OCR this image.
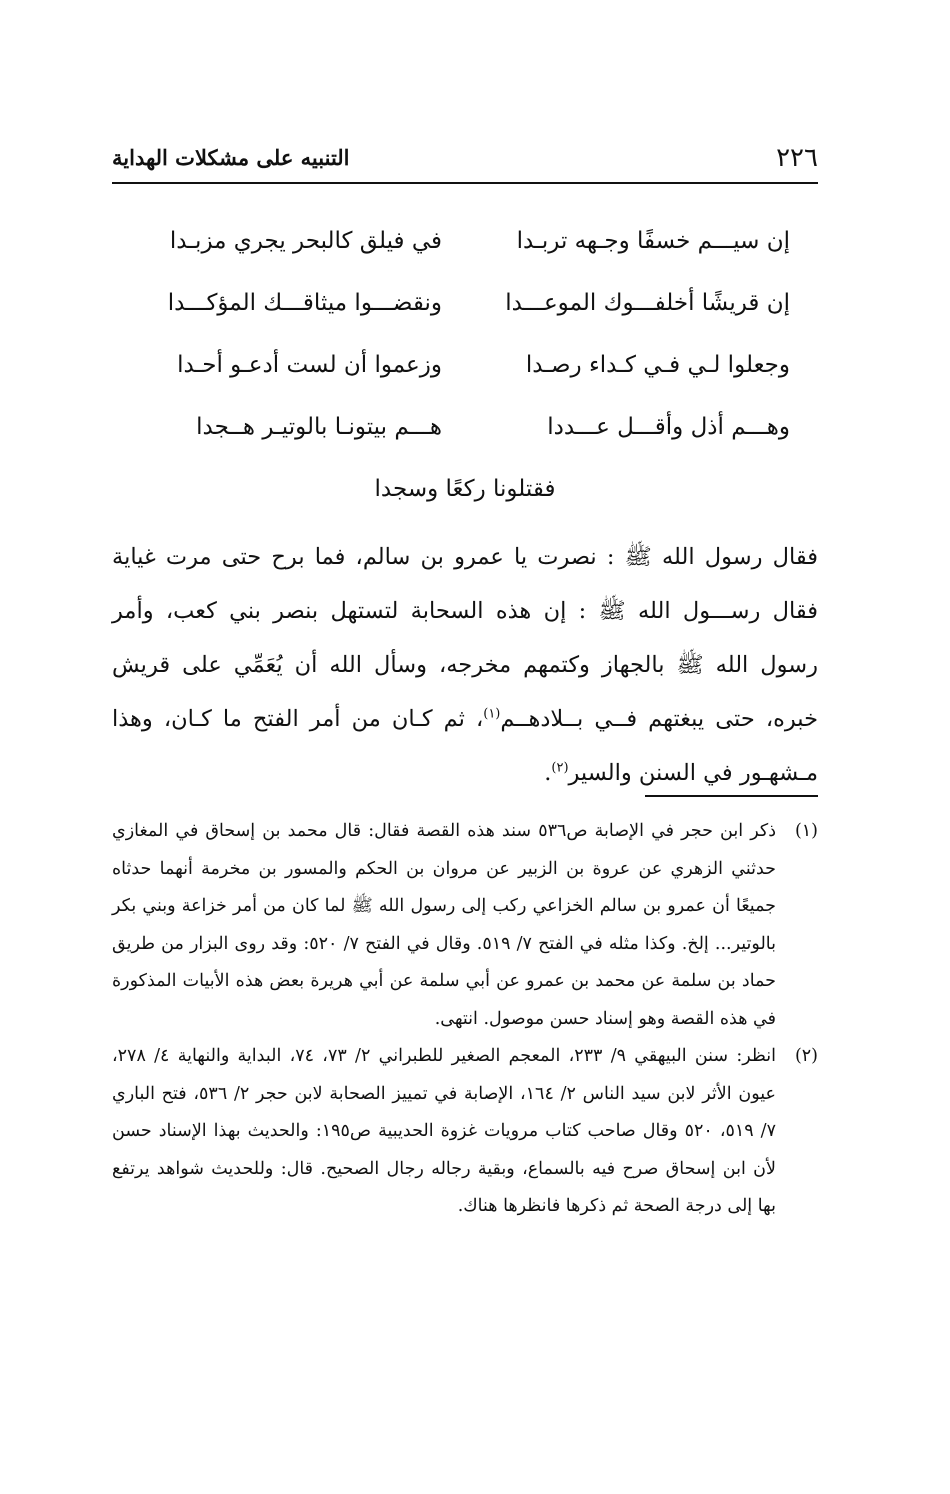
٢٢٦
التنبيه على مشكلات الهداية
إن سيـــم خسفًا وجـهه تربـدا
في فيلق كالبحر يجري مزبـدا
إن قريشًا أخلفـــوك الموعـــدا
ونقضـــوا ميثاقـــك المؤكـــدا
وجعلوا لـي فـي كـداء رصـدا
وزعموا أن لست أدعـو أحـدا
وهـــم أذل وأقـــل عـــددا
هـــم بيتونـا بالوتيـر هــجدا
فقتلونا ركعًا وسجدا

فقال رسول الله ﷺ : نصرت يا عمرو بن سالم، فما برح حتى مرت غياية فقال رســـول الله ﷺ : إن هذه السحابة لتستهل بنصر بني كعب، وأمر رسول الله ﷺ بالجهاز وكتمهم مخرجه، وسأل الله أن يُعَمِّي على قريش خبره، حتى يبغتهم فــي بــلادهــم$^{(١)}$، ثم كـان من أمر الفتح ما كـان، وهذا مـشهـور في السنن والسير$^{(٢)}$.

(١)
ذكر ابن حجر في الإصابة ص٥٣٦ سند هذه القصة فقال: قال محمد بن إسحاق في المغازي حدثني الزهري عن عروة بن الزبير عن مروان بن الحكم والمسور بن مخرمة أنهما حدثاه جميعًا أن عمرو بن سالم الخزاعي ركب إلى رسول الله ﷺ لما كان من أمر خزاعة وبني بكر بالوتير... إلخ. وكذا مثله في الفتح ٧/ ٥١٩. وقال في الفتح ٧/ ٥٢٠: وقد روى البزار من طريق حماد بن سلمة عن محمد بن عمرو عن أبي سلمة عن أبي هريرة بعض هذه الأبيات المذكورة في هذه القصة وهو إسناد حسن موصول. انتهى.

(٢)
انظر: سنن البيهقي ٩/ ٢٣٣، المعجم الصغير للطبراني ٢/ ٧٣، ٧٤، البداية والنهاية ٤/ ٢٧٨، عيون الأثر لابن سيد الناس ٢/ ١٦٤، الإصابة في تمييز الصحابة لابن حجر ٢/ ٥٣٦، فتح الباري ٧/ ٥١٩، ٥٢٠ وقال صاحب كتاب مرويات غزوة الحديبية ص١٩٥: والحديث بهذا الإسناد حسن لأن ابن إسحاق صرح فيه بالسماع، وبقية رجاله رجال الصحيح. قال: وللحديث شواهد يرتفع بها إلى درجة الصحة ثم ذكرها فانظرها هناك.
